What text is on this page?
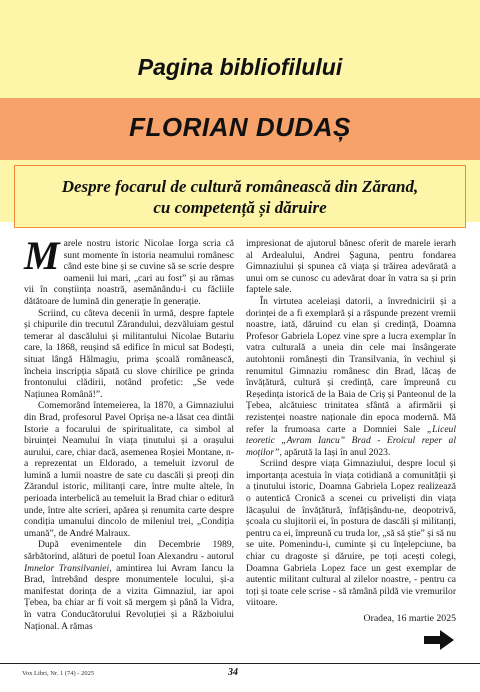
Pagina bibliofilului
FLORIAN DUDAȘ
Despre focarul de cultură românească din Zărand,
cu competență și dăruire

Marele nostru istoric Nicolae Iorga scria că sunt momente în istoria neamului românesc când este bine și se cuvine să se scrie despre oamenii lui mari, „cari au fost” și au rămas vii în conștiința noastră, asemănându-i cu făcliile dătătoare de lumină din generație în generație.

Scriind, cu câteva decenii în urmă, despre faptele și chipurile din trecutul Zărandului, dezvăluiam gestul temerar al dascălului și militantului Nicolae Butariu care, la 1868, reușind să edifice în micul sat Bodești, situat lângă Hălmagiu, prima școală românească, încheia inscripția săpată cu slove chirilice pe grinda frontonului clădirii, notând profetic: „Se vede Națiunea Română!”.

Comemorând întemeierea, la 1870, a Gimnaziului din Brad, profesorul Pavel Oprișa ne-a lăsat cea dintâi Istorie a focarului de spiritualitate, ca simbol al biruinței Neamului în viața ținutului și a orașului aurului, care, chiar dacă, asemenea Roșiei Montane, n-a reprezentat un Eldorado, a temeluit izvorul de lumină a lumii noastre de sate cu dascăli și preoți din Zărandul istoric, militanți care, între multe altele, în perioada interbelică au temeluit la Brad chiar o editură unde, între alte scrieri, apărea și renumita carte despre condiția umanului dincolo de mileniul trei, „Condiția umană”, de André Malraux.

După evenimentele din Decembrie 1989, sărbătorind, alături de poetul Ioan Alexandru - autorul Imnelor Transilvaniei, amintirea lui Avram Iancu la Brad, întrebând despre monumentele locului, și-a manifestat dorința de a vizita Gimnaziul, iar apoi Țebea, ba chiar ar fi voit să mergem și până la Vidra, în vatra Conducătorului Revoluției și a Războiului Național. A rămas

impresionat de ajutorul bănesc oferit de marele ierarh al Ardealului, Andrei Șaguna, pentru fondarea Gimnaziului și spunea că viața și trăirea adevărată a unui om se cunosc cu adevărat doar în vatra sa și prin faptele sale.

În virtutea aceleiași datorii, a învrednicirii și a dorinței de a fi exemplară și a răspunde prezent vremii noastre, iată, dăruind cu elan și credință, Doamna Profesor Gabriela Lopez vine spre a lucra exemplar în vatra culturală a uneia din cele mai însângerate autohtonii românești din Transilvania, în vechiul și renumitul Gimnaziu românesc din Brad, lăcaș de învățătură, cultură și credință, care împreună cu Reședința istorică de la Baia de Criș și Panteonul de la Țebea, alcătuiesc trinitatea sfântă a afirmării și rezistenței noastre naționale din epoca modernă. Mă refer la frumoasa carte a Domniei Sale „Liceul teoretic „Avram Iancu” Brad - Eroicul reper al moților”, apărută la Iași în anul 2023.

Scriind despre viața Gimnaziului, despre locul și importanța acestuia în viața cotidiană a comunității și a ținutului istoric, Doamna Gabriela Lopez realizează o autentică Cronică a scenei cu priveliști din viața lăcașului de învățătură, înfățișându-ne, deopotrivă, școala cu slujitorii ei, în postura de dascăli și militanți, pentru ca ei, împreună cu truda lor, „să să știe” și să nu se uite. Pomenindu-i, cuminte și cu înțelepciune, ba chiar cu dragoste și dăruire, pe toți acești colegi, Doamna Gabriela Lopez face un gest exemplar de autentic militant cultural al zilelor noastre, - pentru ca toți și toate cele scrise - să rămână pildă vie vremurilor viitoare.

Oradea, 16 martie 2025
Vox Libri, Nr. 1 (74) - 2025	34
